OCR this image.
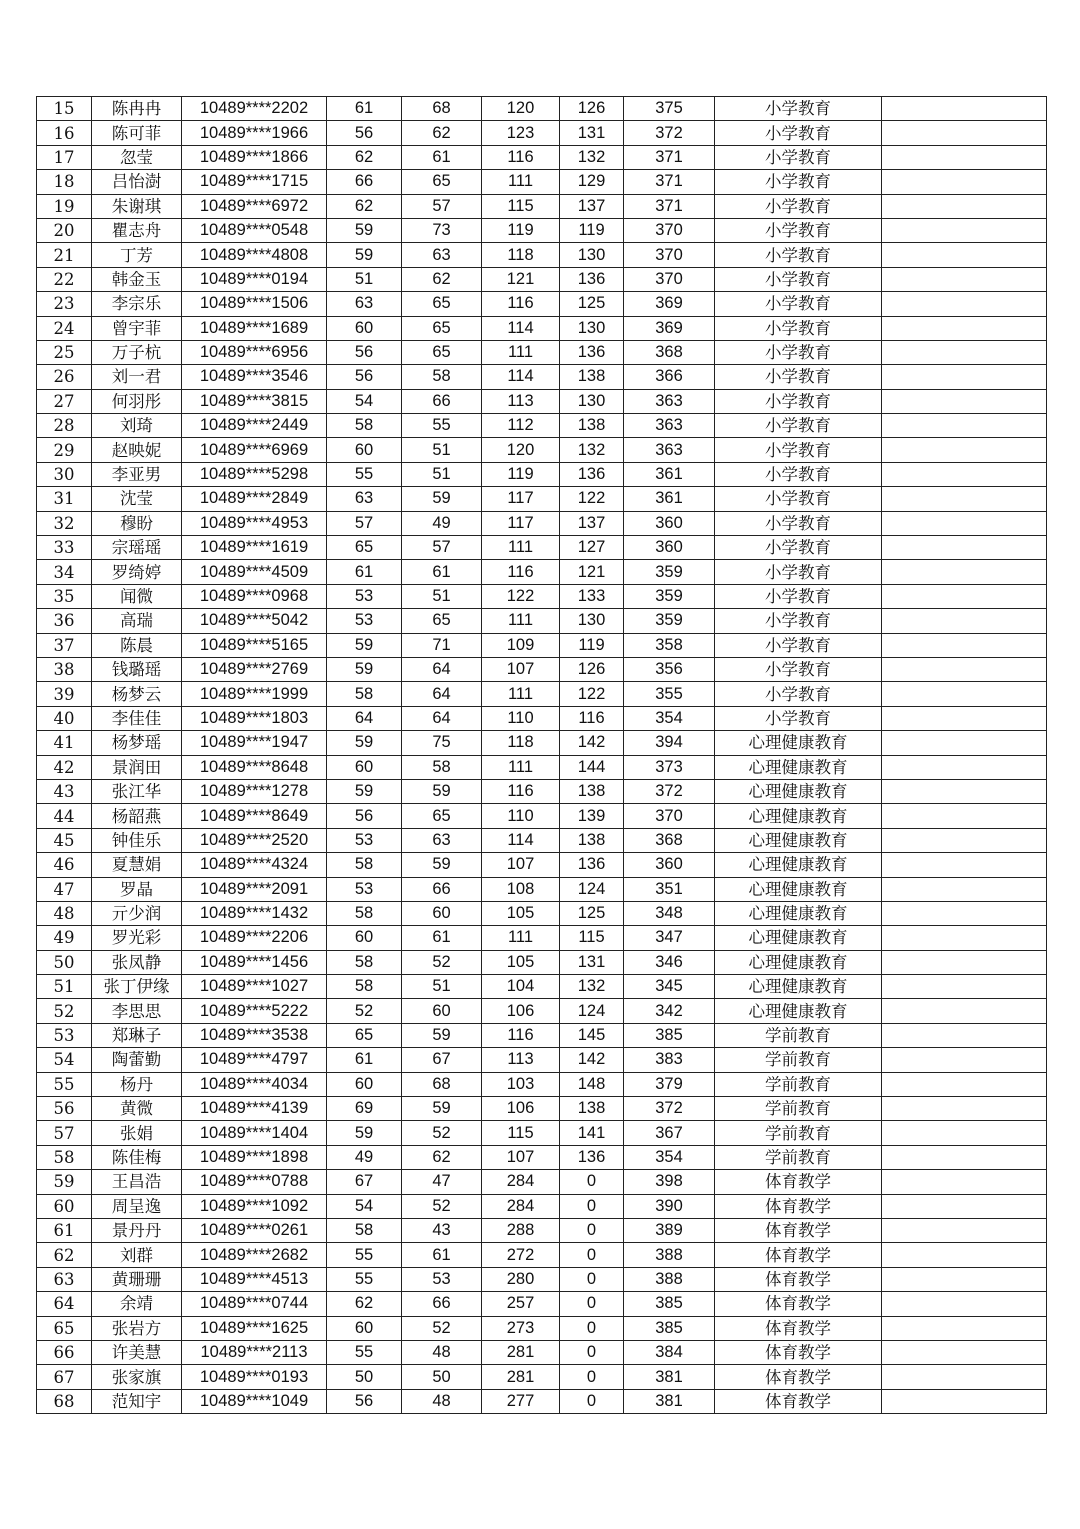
15	陈冉冉	10489****2202	61	68	120	126	375	小学教育	
16	陈可菲	10489****1966	56	62	123	131	372	小学教育	
17	忽莹	10489****1866	62	61	116	132	371	小学教育	
18	吕怡澍	10489****1715	66	65	111	129	371	小学教育	
19	朱谢琪	10489****6972	62	57	115	137	371	小学教育	
20	瞿志舟	10489****0548	59	73	119	119	370	小学教育	
21	丁芳	10489****4808	59	63	118	130	370	小学教育	
22	韩金玉	10489****0194	51	62	121	136	370	小学教育	
23	李宗乐	10489****1506	63	65	116	125	369	小学教育	
24	曾宇菲	10489****1689	60	65	114	130	369	小学教育	
25	万子杭	10489****6956	56	65	111	136	368	小学教育	
26	刘一君	10489****3546	56	58	114	138	366	小学教育	
27	何羽彤	10489****3815	54	66	113	130	363	小学教育	
28	刘琦	10489****2449	58	55	112	138	363	小学教育	
29	赵映妮	10489****6969	60	51	120	132	363	小学教育	
30	李亚男	10489****5298	55	51	119	136	361	小学教育	
31	沈莹	10489****2849	63	59	117	122	361	小学教育	
32	穆盼	10489****4953	57	49	117	137	360	小学教育	
33	宗瑶瑶	10489****1619	65	57	111	127	360	小学教育	
34	罗绮婷	10489****4509	61	61	116	121	359	小学教育	
35	闻微	10489****0968	53	51	122	133	359	小学教育	
36	高瑞	10489****5042	53	65	111	130	359	小学教育	
37	陈晨	10489****5165	59	71	109	119	358	小学教育	
38	钱璐瑶	10489****2769	59	64	107	126	356	小学教育	
39	杨梦云	10489****1999	58	64	111	122	355	小学教育	
40	李佳佳	10489****1803	64	64	110	116	354	小学教育	
41	杨梦瑶	10489****1947	59	75	118	142	394	心理健康教育	
42	景润田	10489****8648	60	58	111	144	373	心理健康教育	
43	张江华	10489****1278	59	59	116	138	372	心理健康教育	
44	杨韶燕	10489****8649	56	65	110	139	370	心理健康教育	
45	钟佳乐	10489****2520	53	63	114	138	368	心理健康教育	
46	夏慧娟	10489****4324	58	59	107	136	360	心理健康教育	
47	罗晶	10489****2091	53	66	108	124	351	心理健康教育	
48	亓少润	10489****1432	58	60	105	125	348	心理健康教育	
49	罗光彩	10489****2206	60	61	111	115	347	心理健康教育	
50	张凤静	10489****1456	58	52	105	131	346	心理健康教育	
51	张丁伊缘	10489****1027	58	51	104	132	345	心理健康教育	
52	李思思	10489****5222	52	60	106	124	342	心理健康教育	
53	郑琳子	10489****3538	65	59	116	145	385	学前教育	
54	陶蕾勤	10489****4797	61	67	113	142	383	学前教育	
55	杨丹	10489****4034	60	68	103	148	379	学前教育	
56	黄微	10489****4139	69	59	106	138	372	学前教育	
57	张娟	10489****1404	59	52	115	141	367	学前教育	
58	陈佳梅	10489****1898	49	62	107	136	354	学前教育	
59	王昌浩	10489****0788	67	47	284	0	398	体育教学	
60	周呈逸	10489****1092	54	52	284	0	390	体育教学	
61	景丹丹	10489****0261	58	43	288	0	389	体育教学	
62	刘群	10489****2682	55	61	272	0	388	体育教学	
63	黄珊珊	10489****4513	55	53	280	0	388	体育教学	
64	余靖	10489****0744	62	66	257	0	385	体育教学	
65	张岩方	10489****1625	60	52	273	0	385	体育教学	
66	许美慧	10489****2113	55	48	281	0	384	体育教学	
67	张家旗	10489****0193	50	50	281	0	381	体育教学	
68	范知宇	10489****1049	56	48	277	0	381	体育教学	
